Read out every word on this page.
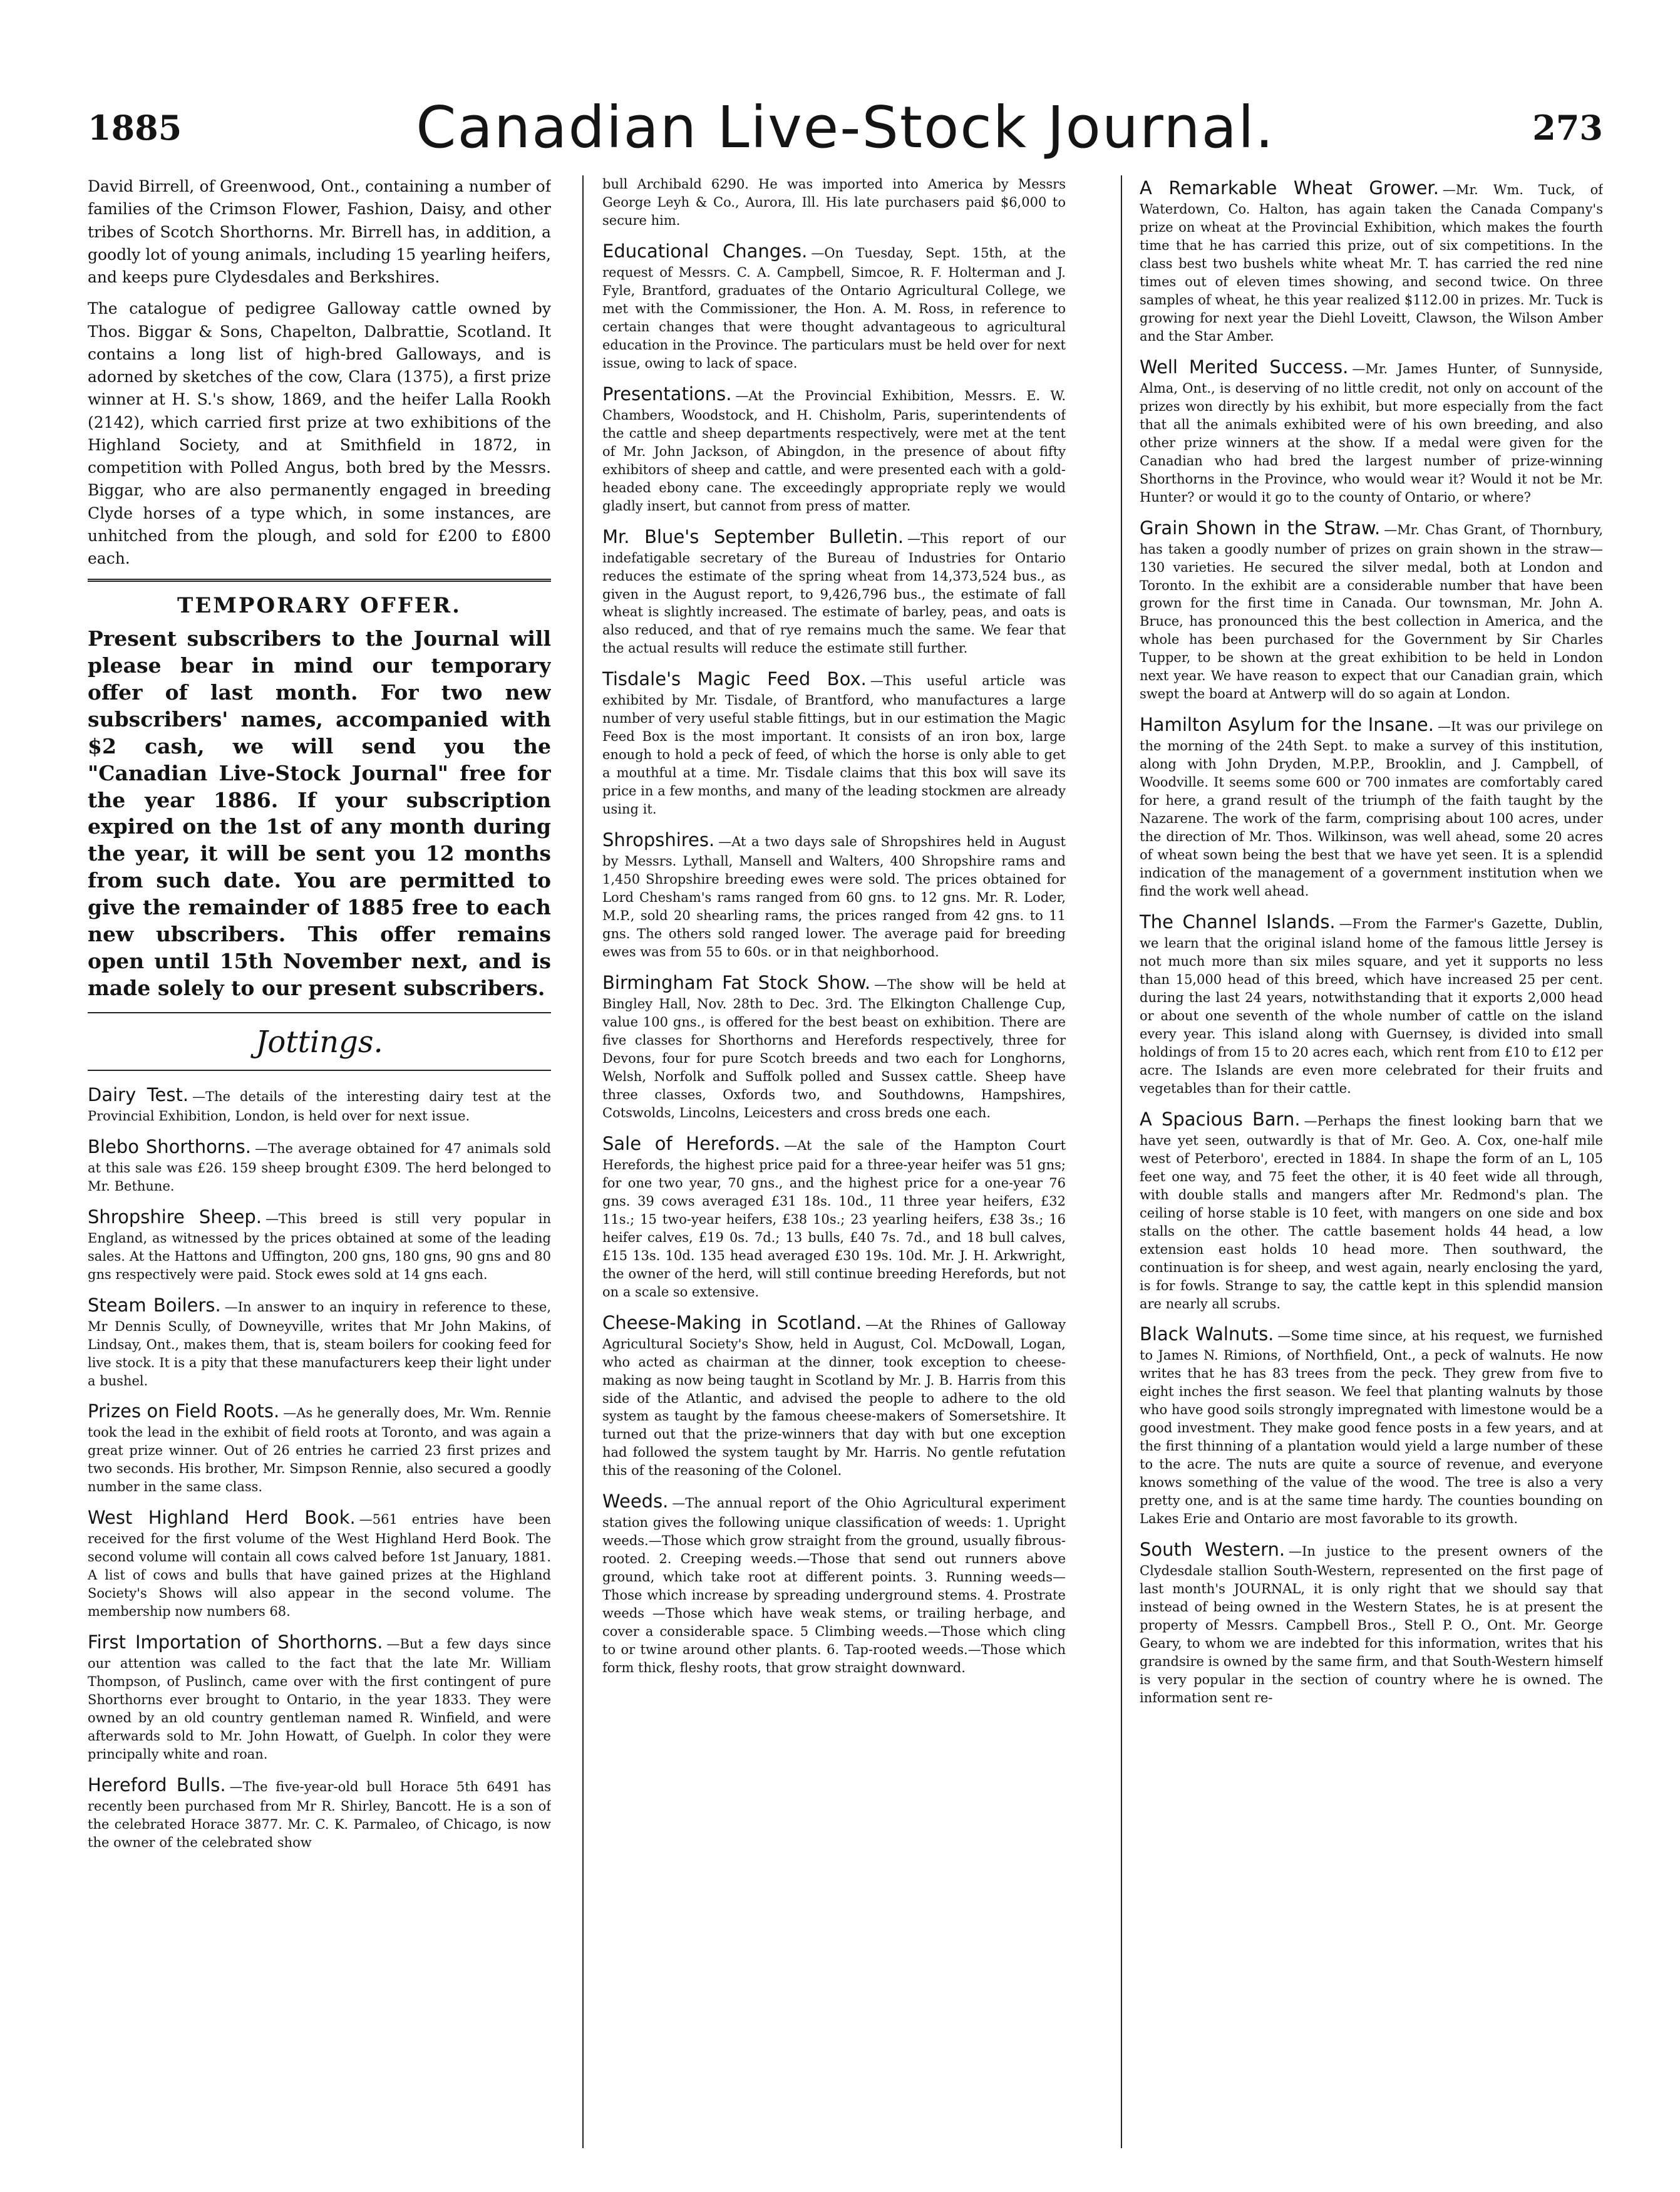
1885	Canadian Live-Stock Journal.	273

David Birrell, of Greenwood, Ont., containing a number of families of the Crimson Flower, Fashion, Daisy, and other tribes of Scotch Shorthorns. Mr. Birrell has, in addition, a goodly lot of young animals, including 15 yearling heifers, and keeps pure Clydesdales and Berkshires.

The catalogue of pedigree Galloway cattle owned by Thos. Biggar & Sons, Chapelton, Dalbrattie, Scotland. It contains a long list of high-bred Galloways, and is adorned by sketches of the cow, Clara (1375), a first prize winner at H. S.'s show, 1869, and the heifer Lalla Rookh (2142), which carried first prize at two exhibitions of the Highland Society, and at Smithfield in 1872, in competition with Polled Angus, both bred by the Messrs. Biggar, who are also permanently engaged in breeding Clyde horses of a type which, in some instances, are unhitched from the plough, and sold for £200 to £800 each.

TEMPORARY OFFER.

Present subscribers to the Journal will please bear in mind our temporary offer of last month. For two new subscribers' names, accompanied with $2 cash, we will send you the "Canadian Live-Stock Journal" free for the year 1886. If your subscription expired on the 1st of any month during the year, it will be sent you 12 months from such date. You are permitted to give the remainder of 1885 free to each new ubscribers. This offer remains open until 15th November next, and is made solely to our present subscribers.

Jottings.

Dairy Test. —The details of the interesting dairy test at the Provincial Exhibition, London, is held over for next issue.

Blebo Shorthorns. —The average obtained for 47 animals sold at this sale was £26. 159 sheep brought £309. The herd belonged to Mr. Bethune.

Shropshire Sheep. —This breed is still very popular in England, as witnessed by the prices obtained at some of the leading sales. At the Hattons and Uffington, 200 gns, 180 gns, 90 gns and 80 gns respectively were paid. Stock ewes sold at 14 gns each.

Steam Boilers. —In answer to an inquiry in reference to these, Mr Dennis Scully, of Downeyville, writes that Mr John Makins, of Lindsay, Ont., makes them, that is, steam boilers for cooking feed for live stock. It is a pity that these manufacturers keep their light under a bushel.

Prizes on Field Roots. —As he generally does, Mr. Wm. Rennie took the lead in the exhibit of field roots at Toronto, and was again a great prize winner. Out of 26 entries he carried 23 first prizes and two seconds. His brother, Mr. Simpson Rennie, also secured a goodly number in the same class.

West Highland Herd Book. —561 entries have been received for the first volume of the West Highland Herd Book. The second volume will contain all cows calved before 1st January, 1881. A list of cows and bulls that have gained prizes at the Highland Society's Shows will also appear in the second volume. The membership now numbers 68.

First Importation of Shorthorns. —But a few days since our attention was called to the fact that the late Mr. William Thompson, of Puslinch, came over with the first contingent of pure Shorthorns ever brought to Ontario, in the year 1833. They were owned by an old country gentleman named R. Winfield, and were afterwards sold to Mr. John Howatt, of Guelph. In color they were principally white and roan.

Hereford Bulls. —The five-year-old bull Horace 5th 6491 has recently been purchased from Mr R. Shirley, Bancott. He is a son of the celebrated Horace 3877. Mr. C. K. Parmaleo, of Chicago, is now the owner of the celebrated show

bull Archibald 6290. He was imported into America by Messrs George Leyh & Co., Aurora, Ill. His late purchasers paid $6,000 to secure him.

Educational Changes. —On Tuesday, Sept. 15th, at the request of Messrs. C. A. Campbell, Simcoe, R. F. Holterman and J. Fyle, Brantford, graduates of the Ontario Agricultural College, we met with the Commissioner, the Hon. A. M. Ross, in reference to certain changes that were thought advantageous to agricultural education in the Province. The particulars must be held over for next issue, owing to lack of space.

Presentations. —At the Provincial Exhibition, Messrs. E. W. Chambers, Woodstock, and H. Chisholm, Paris, superintendents of the cattle and sheep departments respectively, were met at the tent of Mr. John Jackson, of Abingdon, in the presence of about fifty exhibitors of sheep and cattle, and were presented each with a gold-headed ebony cane. The exceedingly appropriate reply we would gladly insert, but cannot from press of matter.

Mr. Blue's September Bulletin. —This report of our indefatigable secretary of the Bureau of Industries for Ontario reduces the estimate of the spring wheat from 14,373,524 bus., as given in the August report, to 9,426,796 bus., the estimate of fall wheat is slightly increased. The estimate of barley, peas, and oats is also reduced, and that of rye remains much the same. We fear that the actual results will reduce the estimate still further.

Tisdale's Magic Feed Box. —This useful article was exhibited by Mr. Tisdale, of Brantford, who manufactures a large number of very useful stable fittings, but in our estimation the Magic Feed Box is the most important. It consists of an iron box, large enough to hold a peck of feed, of which the horse is only able to get a mouthful at a time. Mr. Tisdale claims that this box will save its price in a few months, and many of the leading stockmen are already using it.

Shropshires. —At a two days sale of Shropshires held in August by Messrs. Lythall, Mansell and Walters, 400 Shropshire rams and 1,450 Shropshire breeding ewes were sold. The prices obtained for Lord Chesham's rams ranged from 60 gns. to 12 gns. Mr. R. Loder, M.P., sold 20 shearling rams, the prices ranged from 42 gns. to 11 gns. The others sold ranged lower. The average paid for breeding ewes was from 55 to 60s. or in that neighborhood.

Birmingham Fat Stock Show. —The show will be held at Bingley Hall, Nov. 28th to Dec. 3rd. The Elkington Challenge Cup, value 100 gns., is offered for the best beast on exhibition. There are five classes for Shorthorns and Herefords respectively, three for Devons, four for pure Scotch breeds and two each for Longhorns, Welsh, Norfolk and Suffolk polled and Sussex cattle. Sheep have three classes, Oxfords two, and Southdowns, Hampshires, Cotswolds, Lincolns, Leicesters and cross breds one each.

Sale of Herefords. —At the sale of the Hampton Court Herefords, the highest price paid for a three-year heifer was 51 gns; for one two year, 70 gns., and the highest price for a one-year 76 gns. 39 cows averaged £31 18s. 10d., 11 three year heifers, £32 11s.; 15 two-year heifers, £38 10s.; 23 yearling heifers, £38 3s.; 16 heifer calves, £19 0s. 7d.; 13 bulls, £40 7s. 7d., and 18 bull calves, £15 13s. 10d. 135 head averaged £30 19s. 10d. Mr. J. H. Arkwright, the owner of the herd, will still continue breeding Herefords, but not on a scale so extensive.

Cheese-Making in Scotland. —At the Rhines of Galloway Agricultural Society's Show, held in August, Col. McDowall, Logan, who acted as chairman at the dinner, took exception to cheese-making as now being taught in Scotland by Mr. J. B. Harris from this side of the Atlantic, and advised the people to adhere to the old system as taught by the famous cheese-makers of Somersetshire. It turned out that the prize-winners that day with but one exception had followed the system taught by Mr. Harris. No gentle refutation this of the reasoning of the Colonel.

Weeds. —The annual report of the Ohio Agricultural experiment station gives the following unique classification of weeds: 1. Upright weeds.—Those which grow straight from the ground, usually fibrous-rooted. 2. Creeping weeds.—Those that send out runners above ground, which take root at different points. 3. Running weeds—Those which increase by spreading underground stems. 4. Prostrate weeds —Those which have weak stems, or trailing herbage, and cover a considerable space. 5 Climbing weeds.—Those which cling to or twine around other plants. 6. Tap-rooted weeds.—Those which form thick, fleshy roots, that grow straight downward.

A Remarkable Wheat Grower. —Mr. Wm. Tuck, of Waterdown, Co. Halton, has again taken the Canada Company's prize on wheat at the Provincial Exhibition, which makes the fourth time that he has carried this prize, out of six competitions. In the class best two bushels white wheat Mr. T. has carried the red nine times out of eleven times showing, and second twice. On three samples of wheat, he this year realized $112.00 in prizes. Mr. Tuck is growing for next year the Diehl Loveitt, Clawson, the Wilson Amber and the Star Amber.

Well Merited Success. —Mr. James Hunter, of Sunnyside, Alma, Ont., is deserving of no little credit, not only on account of the prizes won directly by his exhibit, but more especially from the fact that all the animals exhibited were of his own breeding, and also other prize winners at the show. If a medal were given for the Canadian who had bred the largest number of prize-winning Shorthorns in the Province, who would wear it? Would it not be Mr. Hunter? or would it go to the county of Ontario, or where?

Grain Shown in the Straw. —Mr. Chas Grant, of Thornbury, has taken a goodly number of prizes on grain shown in the straw—130 varieties. He secured the silver medal, both at London and Toronto. In the exhibit are a considerable number that have been grown for the first time in Canada. Our townsman, Mr. John A. Bruce, has pronounced this the best collection in America, and the whole has been purchased for the Government by Sir Charles Tupper, to be shown at the great exhibition to be held in London next year. We have reason to expect that our Canadian grain, which swept the board at Antwerp will do so again at London.

Hamilton Asylum for the Insane. —It was our privilege on the morning of the 24th Sept. to make a survey of this institution, along with John Dryden, M.P.P., Brooklin, and J. Campbell, of Woodville. It seems some 600 or 700 inmates are comfortably cared for here, a grand result of the triumph of the faith taught by the Nazarene. The work of the farm, comprising about 100 acres, under the direction of Mr. Thos. Wilkinson, was well ahead, some 20 acres of wheat sown being the best that we have yet seen. It is a splendid indication of the management of a government institution when we find the work well ahead.

The Channel Islands. —From the Farmer's Gazette, Dublin, we learn that the original island home of the famous little Jersey is not much more than six miles square, and yet it supports no less than 15,000 head of this breed, which have increased 25 per cent. during the last 24 years, notwithstanding that it exports 2,000 head or about one seventh of the whole number of cattle on the island every year. This island along with Guernsey, is divided into small holdings of from 15 to 20 acres each, which rent from £10 to £12 per acre. The Islands are even more celebrated for their fruits and vegetables than for their cattle.

A Spacious Barn. —Perhaps the finest looking barn that we have yet seen, outwardly is that of Mr. Geo. A. Cox, one-half mile west of Peterboro', erected in 1884. In shape the form of an L, 105 feet one way, and 75 feet the other, it is 40 feet wide all through, with double stalls and mangers after Mr. Redmond's plan. The ceiling of horse stable is 10 feet, with mangers on one side and box stalls on the other. The cattle basement holds 44 head, a low extension east holds 10 head more. Then southward, the continuation is for sheep, and west again, nearly enclosing the yard, is for fowls. Strange to say, the cattle kept in this splendid mansion are nearly all scrubs.

Black Walnuts. —Some time since, at his request, we furnished to James N. Rimions, of Northfield, Ont., a peck of walnuts. He now writes that he has 83 trees from the peck. They grew from five to eight inches the first season. We feel that planting walnuts by those who have good soils strongly impregnated with limestone would be a good investment. They make good fence posts in a few years, and at the first thinning of a plantation would yield a large number of these to the acre. The nuts are quite a source of revenue, and everyone knows something of the value of the wood. The tree is also a very pretty one, and is at the same time hardy. The counties bounding on Lakes Erie and Ontario are most favorable to its growth.

South Western. —In justice to the present owners of the Clydesdale stallion South-Western, represented on the first page of last month's JOURNAL, it is only right that we should say that instead of being owned in the Western States, he is at present the property of Messrs. Campbell Bros., Stell P. O., Ont. Mr. George Geary, to whom we are indebted for this information, writes that his grandsire is owned by the same firm, and that South-Western himself is very popular in the section of country where he is owned. The information sent re-
